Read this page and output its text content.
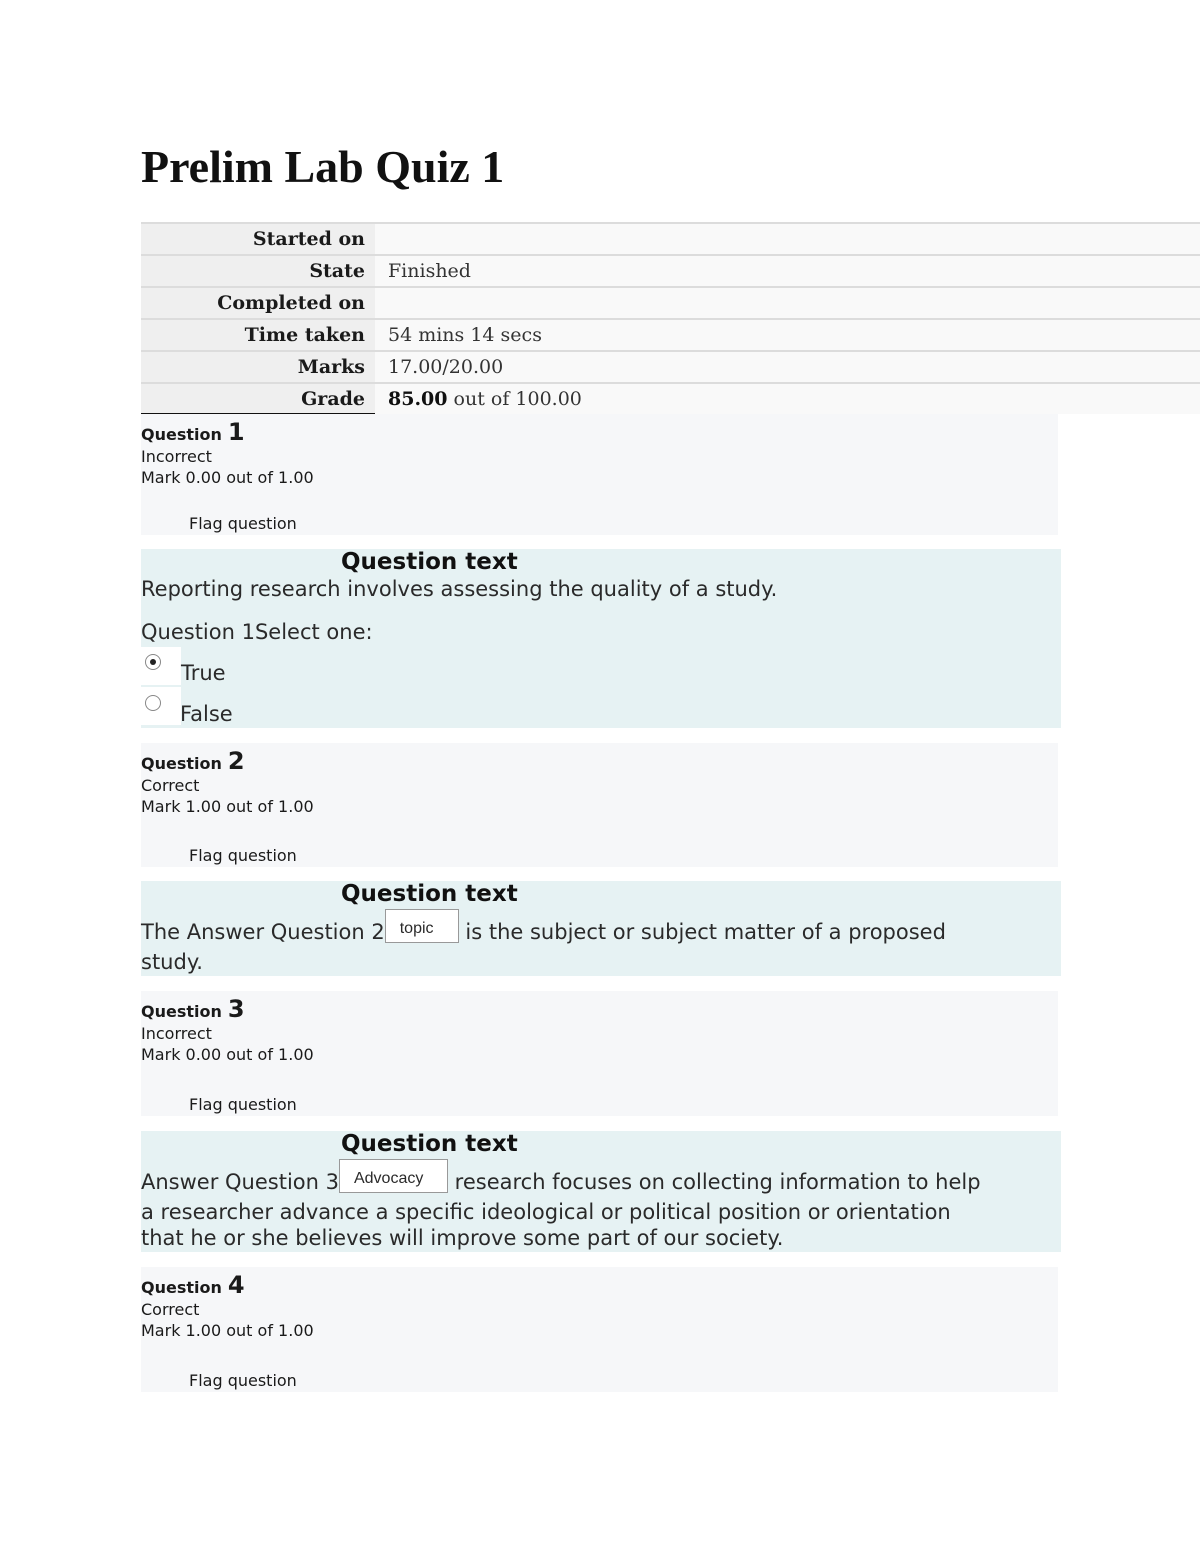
Prelim Lab Quiz 1
Started on	
State	Finished
Completed on	
Time taken	54 mins 14 secs
Marks	17.00/20.00
Grade	85.00 out of 100.00
Question 1
Incorrect
Mark 0.00 out of 1.00
Flag question
Question text
Reporting research involves assessing the quality of a study.
Question 1Select one:
True
False
Question 2
Correct
Mark 1.00 out of 1.00
Flag question
Question text
The Answer Question 2 topic is the subject or subject matter of a proposed
study.
Question 3
Incorrect
Mark 0.00 out of 1.00
Flag question
Question text
Answer Question 3 Advocacy research focuses on collecting information to help
a researcher advance a specific ideological or political position or orientation
that he or she believes will improve some part of our society.
Question 4
Correct
Mark 1.00 out of 1.00
Flag question
